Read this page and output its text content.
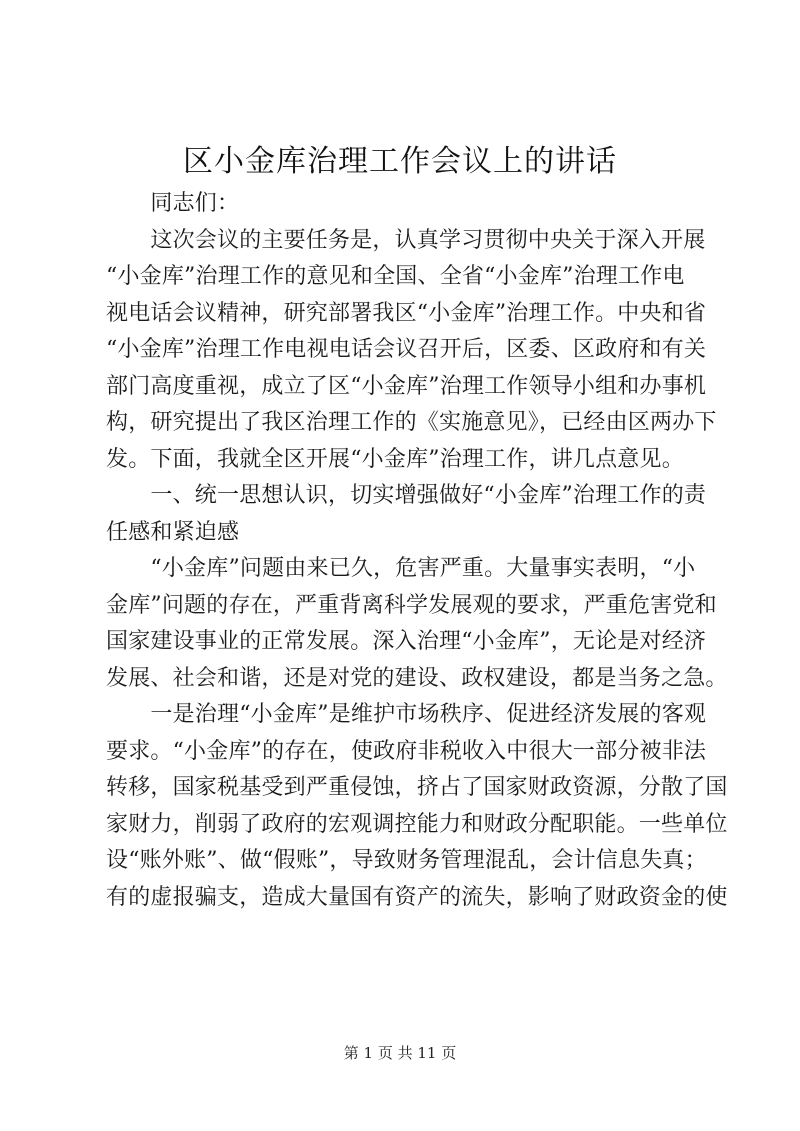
区小金库治理工作会议上的讲话
　　同志们：
　　这次会议的主要任务是，认真学习贯彻中央关于深入开展
“小金库”治理工作的意见和全国、全省“小金库”治理工作电
视电话会议精神，研究部署我区“小金库”治理工作。中央和省
“小金库”治理工作电视电话会议召开后，区委、区政府和有关
部门高度重视，成立了区“小金库”治理工作领导小组和办事机
构，研究提出了我区治理工作的《实施意见》，已经由区两办下
发。下面，我就全区开展“小金库”治理工作，讲几点意见。
　　一、统一思想认识，切实增强做好“小金库”治理工作的责
任感和紧迫感
　　“小金库”问题由来已久，危害严重。大量事实表明，“小
金库”问题的存在，严重背离科学发展观的要求，严重危害党和
国家建设事业的正常发展。深入治理“小金库”，无论是对经济
发展、社会和谐，还是对党的建设、政权建设，都是当务之急。
　　一是治理“小金库”是维护市场秩序、促进经济发展的客观
要求。“小金库”的存在，使政府非税收入中很大一部分被非法
转移，国家税基受到严重侵蚀，挤占了国家财政资源，分散了国
家财力，削弱了政府的宏观调控能力和财政分配职能。一些单位
设“账外账”、做“假账”，导致财务管理混乱，会计信息失真；
有的虚报骗支，造成大量国有资产的流失，影响了财政资金的使
第 1 页 共 11 页
